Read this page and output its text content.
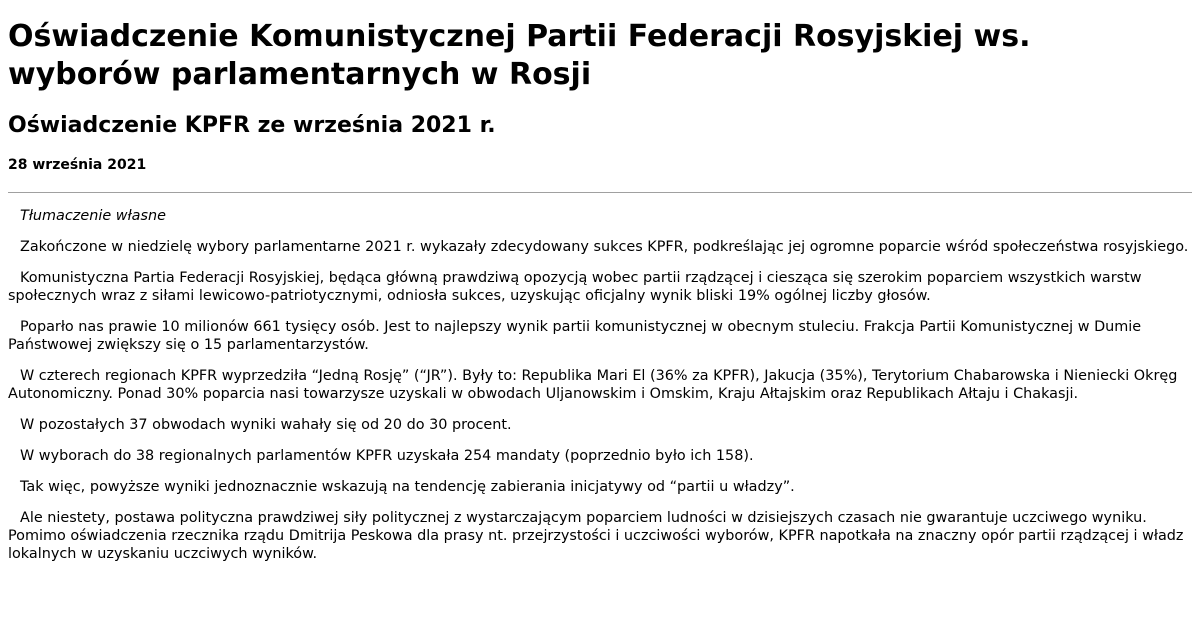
Oświadczenie Komunistycznej Partii Federacji Rosyjskiej ws. wyborów parlamentarnych w Rosji
Oświadczenie KPFR ze września 2021 r.

28 września 2021

Tłumaczenie własne

Zakończone w niedzielę wybory parlamentarne 2021 r. wykazały zdecydowany sukces KPFR, podkreślając jej ogromne poparcie wśród społeczeństwa rosyjskiego.

Komunistyczna Partia Federacji Rosyjskiej, będąca główną prawdziwą opozycją wobec partii rządzącej i ciesząca się szerokim poparciem wszystkich warstw społecznych wraz z siłami lewicowo-patriotycznymi, odniosła sukces, uzyskując oficjalny wynik bliski 19% ogólnej liczby głosów.

Poparło nas prawie 10 milionów 661 tysięcy osób. Jest to najlepszy wynik partii komunistycznej w obecnym stuleciu. Frakcja Partii Komunistycznej w Dumie Państwowej zwiększy się o 15 parlamentarzystów.

W czterech regionach KPFR wyprzedziła “Jedną Rosję” (“JR”). Były to: Republika Mari El (36% za KPFR), Jakucja (35%), Terytorium Chabarowska i Nieniecki Okręg Autonomiczny. Ponad 30% poparcia nasi towarzysze uzyskali w obwodach Uljanowskim i Omskim, Kraju Ałtajskim oraz Republikach Ałtaju i Chakasji.

W pozostałych 37 obwodach wyniki wahały się od 20 do 30 procent.

W wyborach do 38 regionalnych parlamentów KPFR uzyskała 254 mandaty (poprzednio było ich 158).

Tak więc, powyższe wyniki jednoznacznie wskazują na tendencję zabierania inicjatywy od “partii u władzy”.

Ale niestety, postawa polityczna prawdziwej siły politycznej z wystarczającym poparciem ludności w dzisiejszych czasach nie gwarantuje uczciwego wyniku. Pomimo oświadczenia rzecznika rządu Dmitrija Peskowa dla prasy nt. przejrzystości i uczciwości wyborów, KPFR napotkała na znaczny opór partii rządzącej i władz lokalnych w uzyskaniu uczciwych wyników.
